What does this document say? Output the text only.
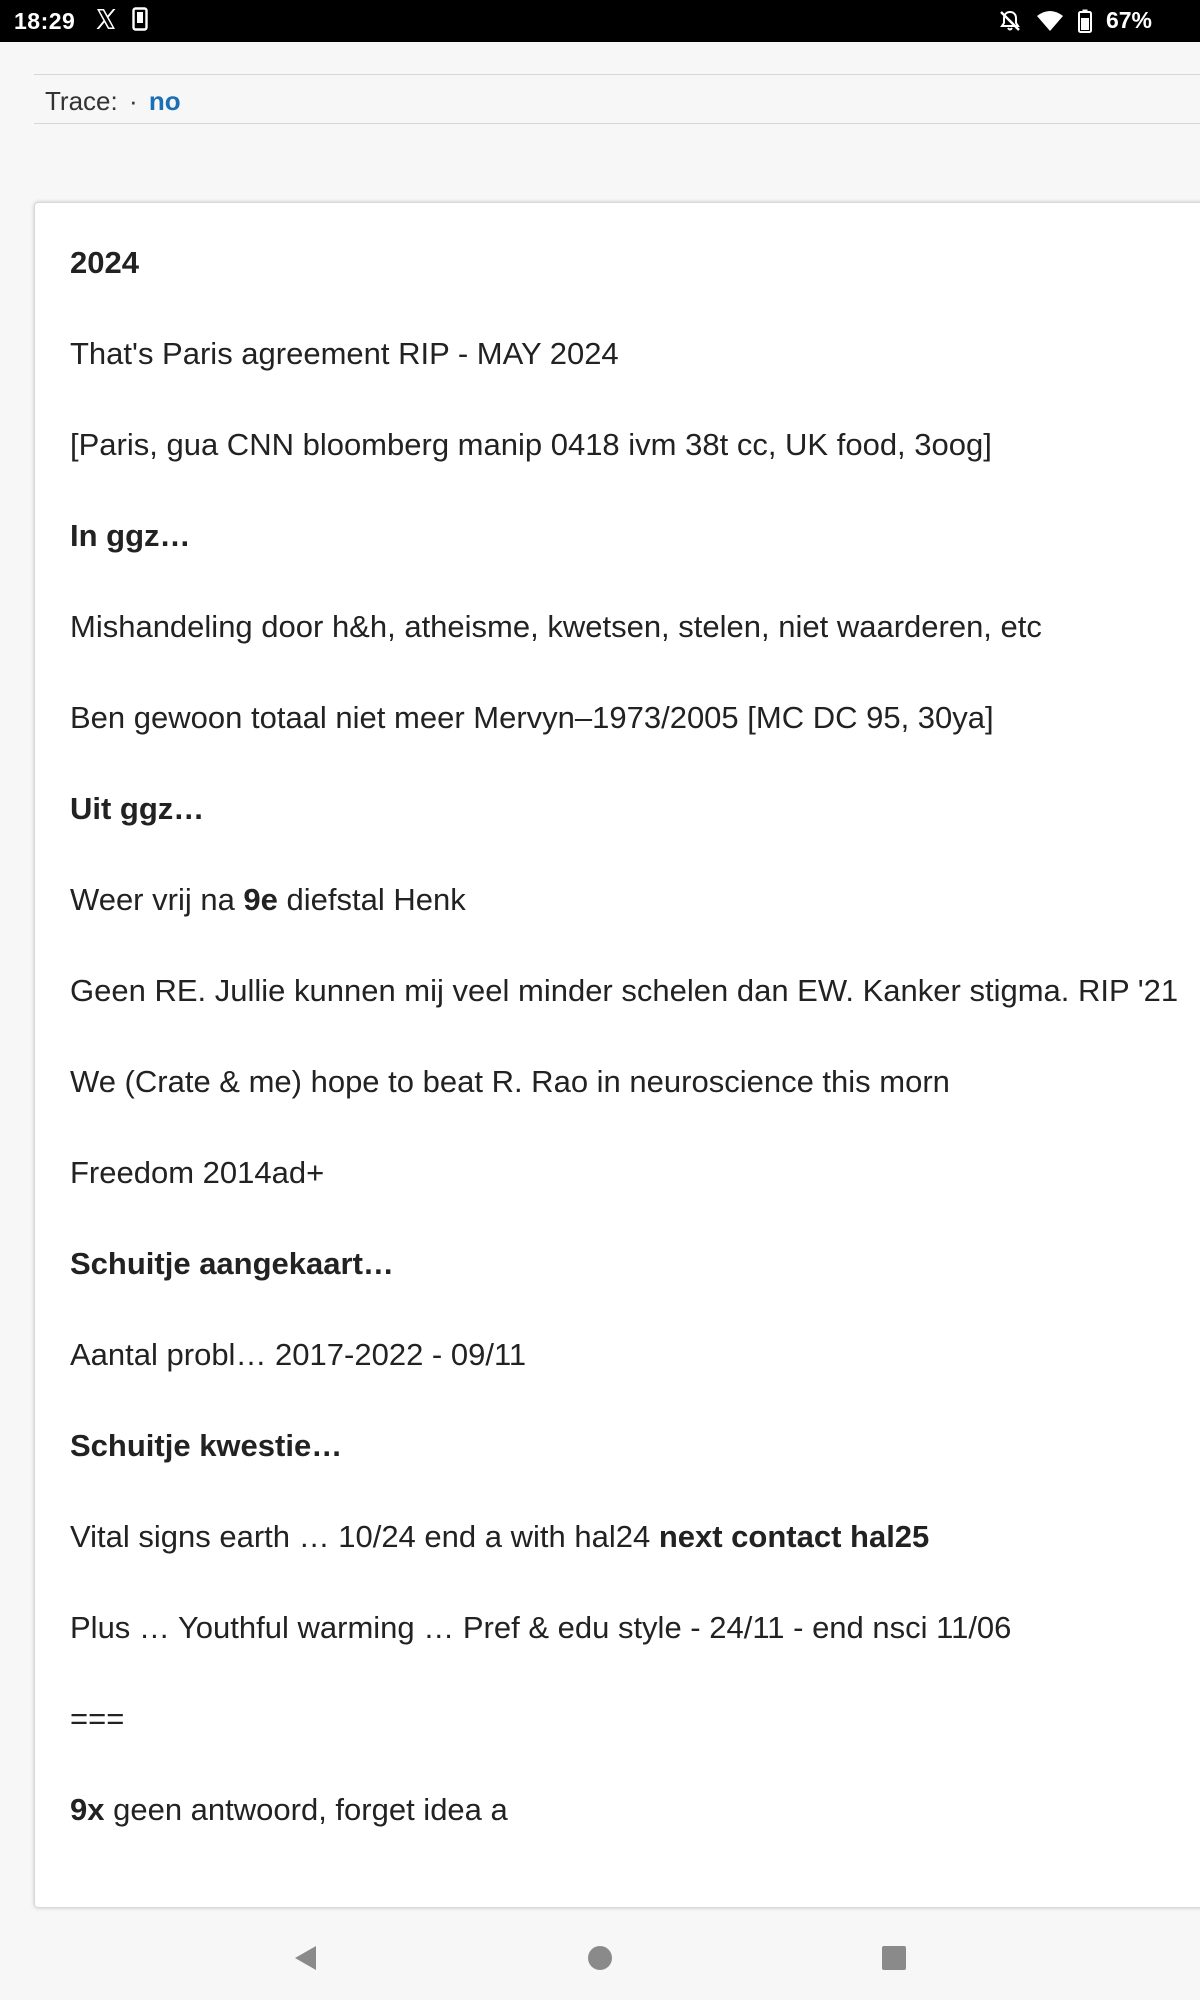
18:29	67%
Trace: · no
2024
That's Paris agreement RIP - MAY 2024
[Paris, gua CNN bloomberg manip 0418 ivm 38t cc, UK food, 3oog]
In ggz…
Mishandeling door h&h, atheisme, kwetsen, stelen, niet waarderen, etc
Ben gewoon totaal niet meer Mervyn–1973/2005 [MC DC 95, 30ya]
Uit ggz…
Weer vrij na 9e diefstal Henk
Geen RE. Jullie kunnen mij veel minder schelen dan EW. Kanker stigma. RIP '21
We (Crate & me) hope to beat R. Rao in neuroscience this morn
Freedom 2014ad+
Schuitje aangekaart…
Aantal probl… 2017-2022 - 09/11
Schuitje kwestie…
Vital signs earth … 10/24 end a with hal24 next contact hal25
Plus … Youthful warming … Pref & edu style - 24/11 - end nsci 11/06
===
9x geen antwoord, forget idea a
